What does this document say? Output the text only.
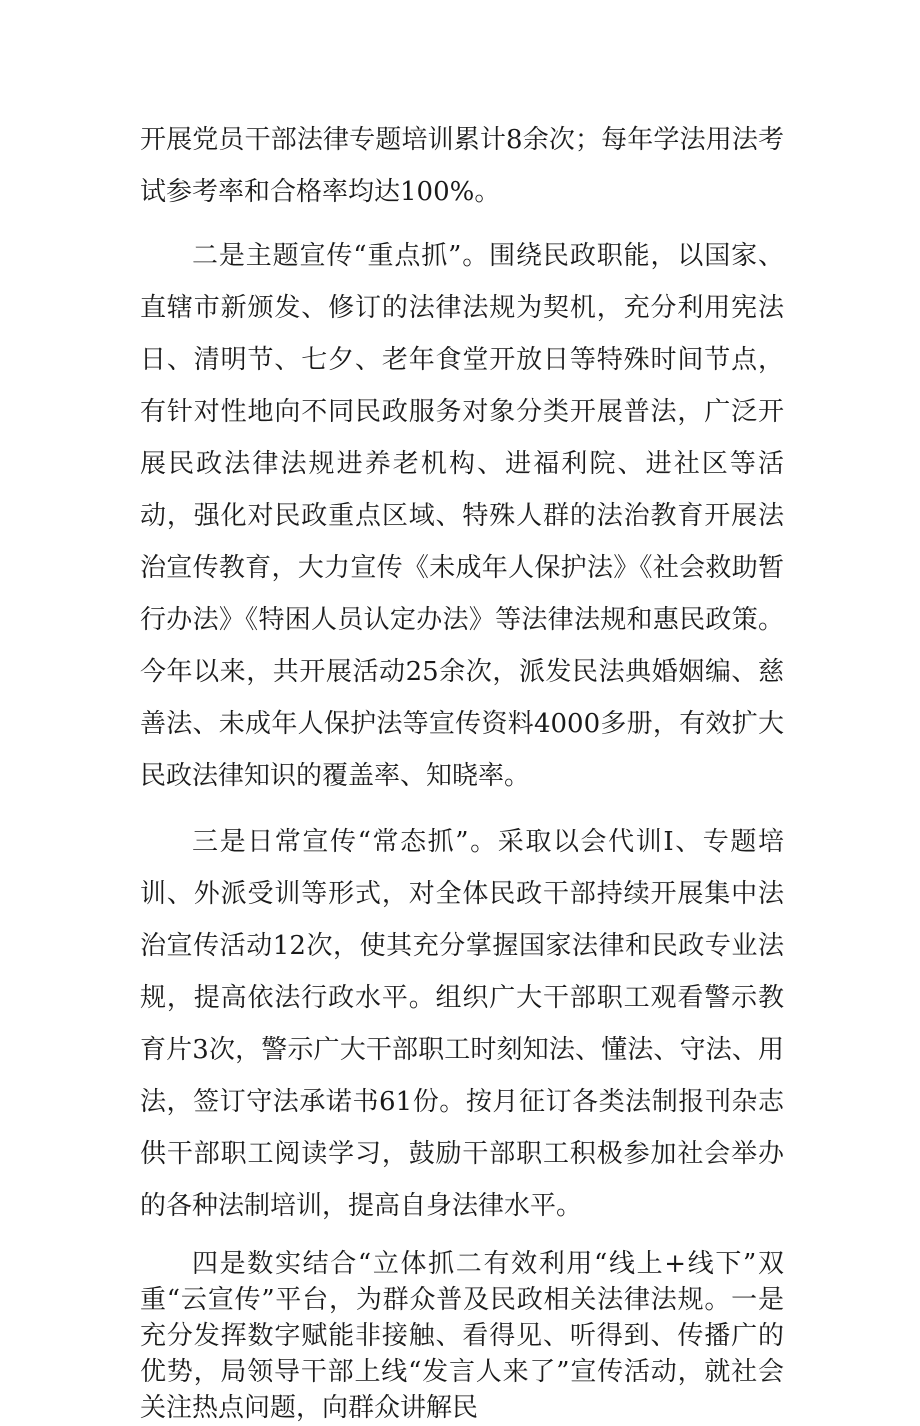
开展党员干部法律专题培训累计8余次；每年学法用法考试参考率和合格率均达100%。

二是主题宣传“重点抓”。围绕民政职能，以国家、直辖市新颁发、修订的法律法规为契机，充分利用宪法日、清明节、七夕、老年食堂开放日等特殊时间节点，有针对性地向不同民政服务对象分类开展普法，广泛开展民政法律法规进养老机构、进福利院、进社区等活动，强化对民政重点区域、特殊人群的法治教育开展法治宣传教育，大力宣传《未成年人保护法》《社会救助暂行办法》《特困人员认定办法》等法律法规和惠民政策。今年以来，共开展活动25余次，派发民法典婚姻编、慈善法、未成年人保护法等宣传资料4000多册，有效扩大民政法律知识的覆盖率、知晓率。

三是日常宣传“常态抓”。采取以会代训I、专题培训、外派受训等形式，对全体民政干部持续开展集中法治宣传活动12次，使其充分掌握国家法律和民政专业法规，提高依法行政水平。组织广大干部职工观看警示教育片3次，警示广大干部职工时刻知法、懂法、守法、用法，签订守法承诺书61份。按月征订各类法制报刊杂志供干部职工阅读学习，鼓励干部职工积极参加社会举办的各种法制培训，提高自身法律水平。

四是数实结合“立体抓二有效利用“线上+线下”双重“云宣传”平台，为群众普及民政相关法律法规。一是充分发挥数字赋能非接触、看得见、听得到、传播广的优势，局领导干部上线“发言人来了”宣传活动，就社会关注热点问题，向群众讲解民
